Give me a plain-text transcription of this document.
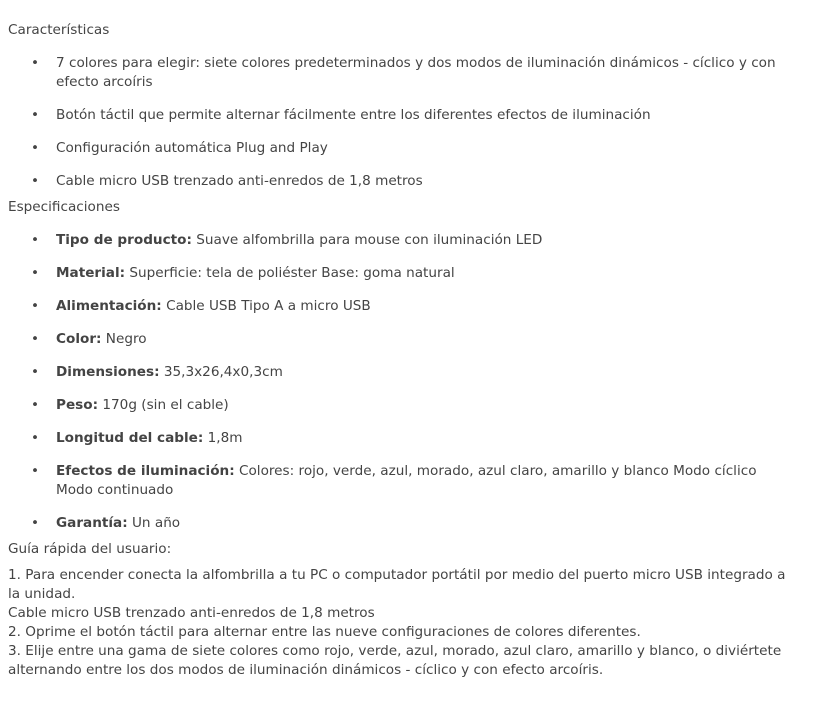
Características
• 7 colores para elegir: siete colores predeterminados y dos modos de iluminación dinámicos - cíclico y con efecto arcoíris
• Botón táctil que permite alternar fácilmente entre los diferentes efectos de iluminación
• Configuración automática Plug and Play
• Cable micro USB trenzado anti-enredos de 1,8 metros
Especificaciones
• Tipo de producto: Suave alfombrilla para mouse con iluminación LED
• Material: Superficie: tela de poliéster Base: goma natural
• Alimentación: Cable USB Tipo A a micro USB
• Color: Negro
• Dimensiones: 35,3x26,4x0,3cm
• Peso: 170g (sin el cable)
• Longitud del cable: 1,8m
• Efectos de iluminación: Colores: rojo, verde, azul, morado, azul claro, amarillo y blanco Modo cíclico Modo continuado
• Garantía: Un año
Guía rápida del usuario:

1. Para encender conecta la alfombrilla a tu PC o computador portátil por medio del puerto micro USB integrado a la unidad.

Cable micro USB trenzado anti-enredos de 1,8 metros

2. Oprime el botón táctil para alternar entre las nueve configuraciones de colores diferentes.

3. Elije entre una gama de siete colores como rojo, verde, azul, morado, azul claro, amarillo y blanco, o diviértete alternando entre los dos modos de iluminación dinámicos - cíclico y con efecto arcoíris.
